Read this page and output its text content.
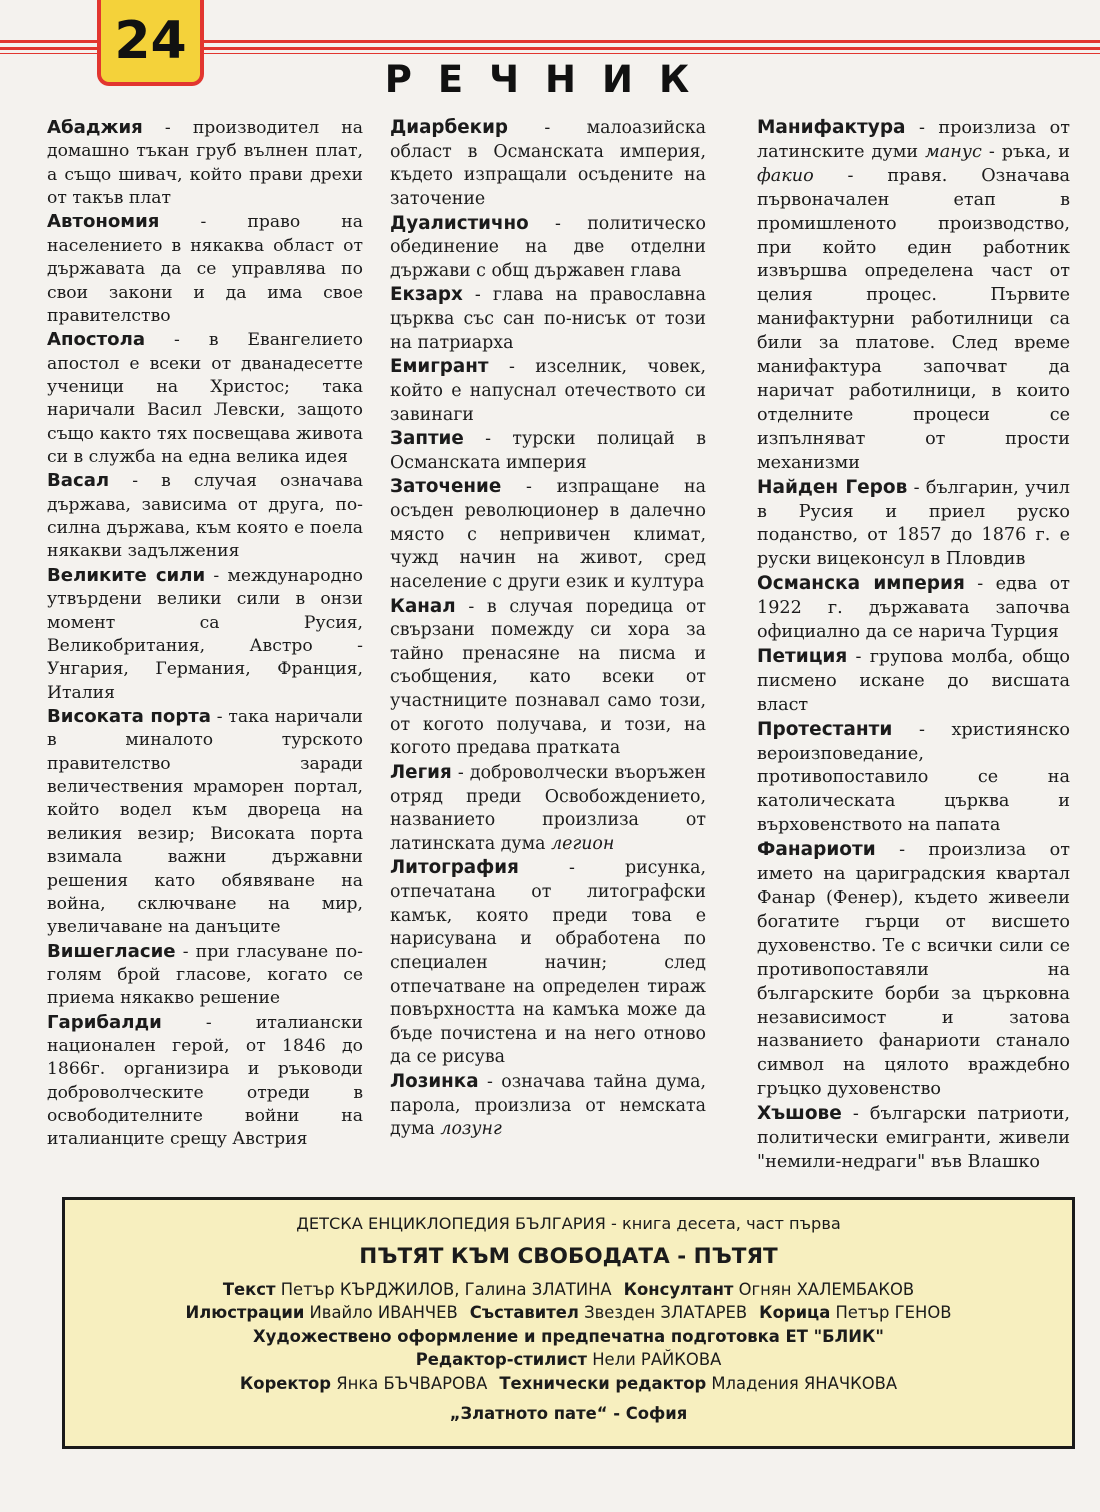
24
РЕЧНИК

Абаджия - производител на домашно тъкан груб вълнен плат, а също шивач, който прави дрехи от такъв плат

Автономия - право на населението в някаква област от държавата да се управлява по свои закони и да има свое правителство

Апостола - в Евангелието апостол е всеки от дванадесетте ученици на Христос; така наричали Васил Левски, защото също както тях посвещава живота си в служба на една велика идея

Васал - в случая означава държава, зависима от друга, по-силна държава, към която е поела някакви задължения

Великите сили - международно утвърдени велики сили в онзи момент са Русия, Великобритания, Австро - Унгария, Германия, Франция, Италия

Високата порта - така наричали в миналото турското правителство заради величествения мраморен портал, който водел към двореца на великия везир; Високата порта взимала важни държавни решения като обявяване на война, сключване на мир, увеличаване на данъците

Вишегласие - при гласуване по-голям брой гласове, когато се приема някакво решение

Гарибалди - италиански национален герой, от 1846 до 1866г. организира и ръководи доброволческите отреди в освободителните войни на италианците срещу Австрия

Диарбекир - малоазийска област в Османската империя, където изпращали осъдените на заточение

Дуалистично - политическо обединение на две отделни държави с общ държавен глава

Екзарх - глава на православна църква със сан по-нисък от този на патриарха

Емигрант - изселник, човек, който е напуснал отечеството си завинаги

Заптие - турски полицай в Османската империя

Заточение - изпращане на осъден революционер в далечно място с непривичен климат, чужд начин на живот, сред население с други език и култура

Канал - в случая поредица от свързани помежду си хора за тайно пренасяне на писма и съобщения, като всеки от участниците познавал само този, от когото получава, и този, на когото предава пратката

Легия - доброволчески въоръжен отряд преди Освобождението, названието произлиза от латинската дума легион

Литография - рисунка, отпечатана от литографски камък, която преди това е нарисувана и обработена по специален начин; след отпечатване на определен тираж повърхността на камъка може да бъде почистена и на него отново да се рисува

Лозинка - означава тайна дума, парола, произлиза от немската дума лозунг

Манифактура - произлиза от латинските думи манус - ръка, и факио - правя. Означава първоначален етап в промишленото производство, при който един работник извършва определена част от целия процес. Първите манифактурни работилници са били за платове. След време манифактура започват да наричат работилници, в които отделните процеси се изпълняват от прости механизми

Найден Геров - българин, учил в Русия и приел руско поданство, от 1857 до 1876 г. е руски вицеконсул в Пловдив

Османска империя - едва от 1922 г. държавата започва официално да се нарича Турция

Петиция - групова молба, общо писмено искане до висшата власт

Протестанти - християнско вероизповедание, противопоставило се на католическата църква и върховенството на папата

Фанариоти - произлиза от името на цариградския квартал Фанар (Фенер), където живеели богатите гърци от висшето духовенство. Те с всички сили се противопоставяли на българските борби за църковна независимост и затова названието фанариоти станало символ на цялото враждебно гръцко духовенство

Хъшове - български патриоти, политически емигранти, живели "немили-недраги" във Влашко

ДЕТСКА ЕНЦИКЛОПЕДИЯ БЪЛГАРИЯ - книга десета, част първа
ПЪТЯТ КЪМ СВОБОДАТА - ПЪТЯТ
Текст Петър КЪРДЖИЛОВ, Галина ЗЛАТИНА Консултант Огнян ХАЛЕМБАКОВ
Илюстрации Ивайло ИВАНЧЕВ Съставител Звезден ЗЛАТАРЕВ Корица Петър ГЕНОВ
Художествено оформление и предпечатна подготовка ЕТ "БЛИК"
Редактор-стилист Нели РАЙКОВА
Коректор Янка БЪЧВАРОВА Технически редактор Младения ЯНАЧКОВА
„Златното пате“ - София
